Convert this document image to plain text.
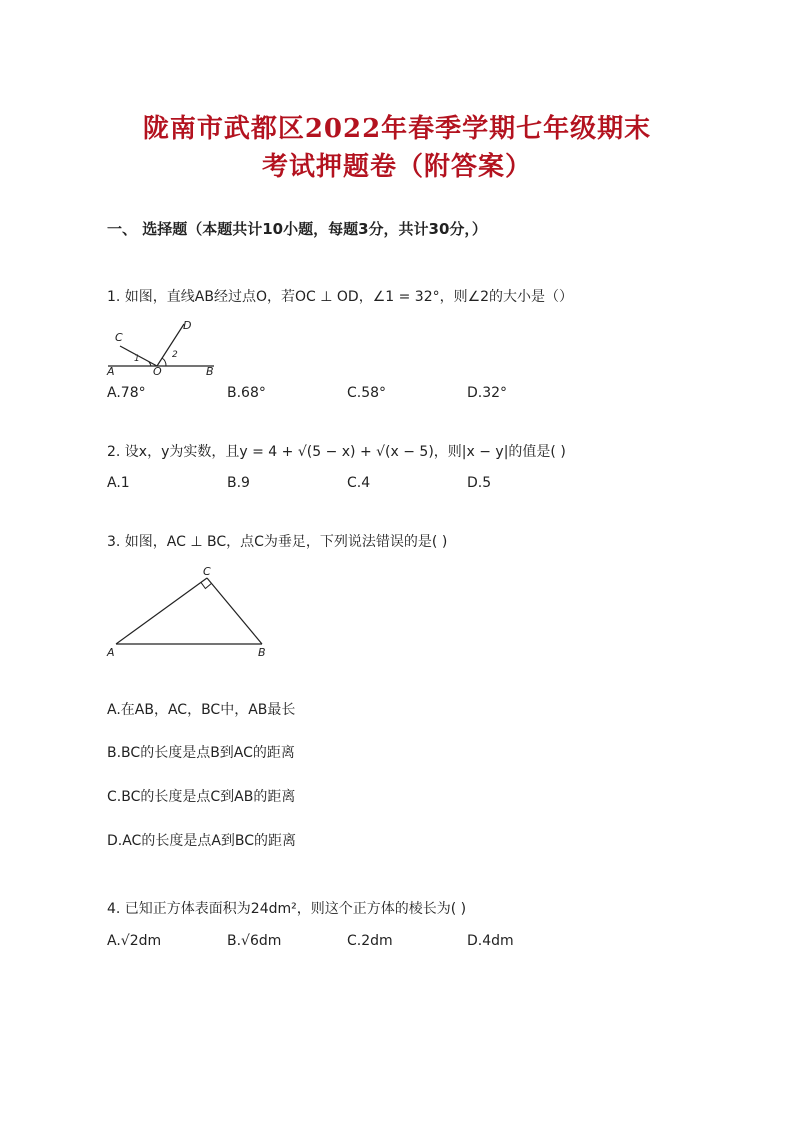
陇南市武都区2022年春季学期七年级期末
考试押题卷（附答案）
一、 选择题（本题共计10小题，每题3分，共计30分，）
1. 如图，直线AB经过点O，若OC ⊥ OD，∠1 = 32°，则∠2的大小是（）
C
D
1	2
A	O	B
A.78°	B.68°	C.58°	D.32°
2. 设x，y为实数，且y = 4 + √(5 − x) + √(x − 5)，则|x − y|的值是( )
A.1	B.9	C.4	D.5
3. 如图，AC ⊥ BC，点C为垂足，下列说法错误的是( )
C
A	B
A.在AB，AC，BC中，AB最长
B.BC的长度是点B到AC的距离
C.BC的长度是点C到AB的距离
D.AC的长度是点A到BC的距离
4. 已知正方体表面积为24dm²，则这个正方体的棱长为( )
A.√2dm	B.√6dm	C.2dm	D.4dm
